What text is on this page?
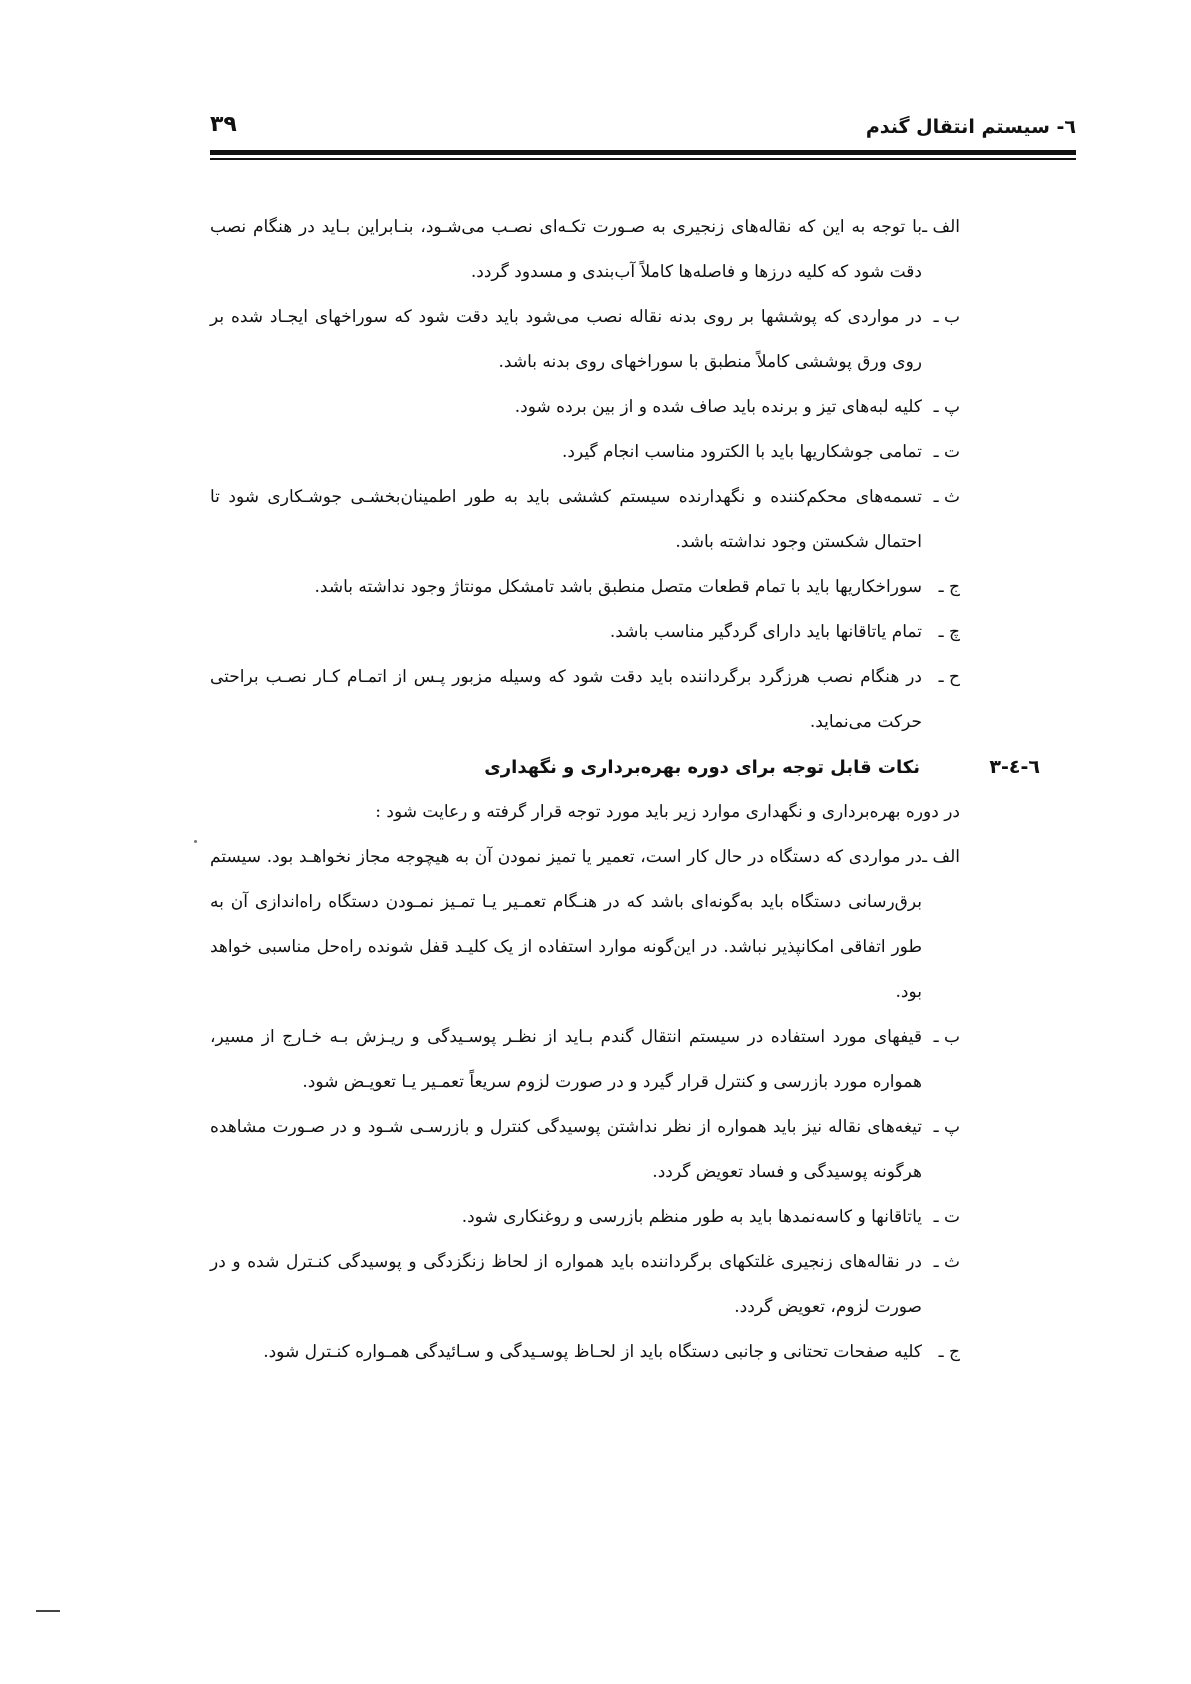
٦- سیستم انتقال گندم
۳۹
الف ـ
با توجه به این که نقاله‌های زنجیری به صـورت تکـه‌ای نصـب می‌شـود، بنـابراین بـاید در هنگام نصب دقت شود که کلیه درزها و فاصله‌ها کاملاً آب‌بندی و مسدود گردد.
ب ـ
در مواردی که پوششها بر روی بدنه نقاله نصب می‌شود باید دقت شود که سوراخهای ایجـاد شده بر روی ورق پوششی کاملاً منطبق با سوراخهای روی بدنه باشد.
پ ـ
کلیه لبه‌های تیز و برنده باید صاف شده و از بین برده شود.
ت ـ
تمامی جوشکاریها باید با الکترود مناسب انجام گیرد.
ث ـ
تسمه‌های محکم‌کننده و نگهدارنده سیستم کششی باید به طور اطمینان‌بخشـی جوشـکاری شود تا احتمال شکستن وجود نداشته باشد.
ج ـ
سوراخکاریها باید با تمام قطعات متصل منطبق باشد تامشکل مونتاژ وجود نداشته باشد.
چ ـ
تمام یاتاقانها باید دارای گردگیر مناسب باشد.
ح ـ
در هنگام نصب هرزگرد برگرداننده باید دقت شود که وسیله مزبور پـس از اتمـام کـار نصـب براحتی حرکت می‌نماید.
٦-٤-٣
نکات قابل توجه برای دوره بهره‌برداری و نگهداری
در دوره بهره‌برداری و نگهداری موارد زیر باید مورد توجه قرار گرفته و رعایت شود :
الف ـ
در مواردی که دستگاه در حال کار است، تعمیر یا تمیز نمودن آن به هیچوجه مجاز نخواهـد بود. سیستم برق‌رسانی دستگاه باید به‌گونه‌ای باشد که در هنـگام تعمـیر یـا تمـیز نمـودن دستگاه راه‌اندازی آن به طور اتفاقی امکانپذیر نباشد. در این‌گونه موارد استفاده از یک کلیـد قفل شونده راه‌حل مناسبی خواهد بود.
ب ـ
قیفهای مورد استفاده در سیستم انتقال گندم بـاید از نظـر پوسـیدگی و ریـزش بـه خـارج از مسیر، همواره مورد بازرسی و کنترل قرار گیرد و در صورت لزوم سریعاً تعمـیر یـا تعویـض شود.
پ ـ
تیغه‌های نقاله نیز باید همواره از نظر نداشتن پوسیدگی کنترل و بازرسـی شـود و در صـورت مشاهده هرگونه پوسیدگی و فساد تعویض گردد.
ت ـ
یاتاقانها و کاسه‌نمدها باید به طور منظم بازرسی و روغنکاری شود.
ث ـ
در نقاله‌های زنجیری غلتکهای برگرداننده باید همواره از لحاظ زنگزدگی و پوسیدگی کنـترل شده و در صورت لزوم، تعویض گردد.
ج ـ
کلیه صفحات تحتانی و جانبی دستگاه باید از لحـاظ پوسـیدگی و سـائیدگی همـواره کنـترل شود.
